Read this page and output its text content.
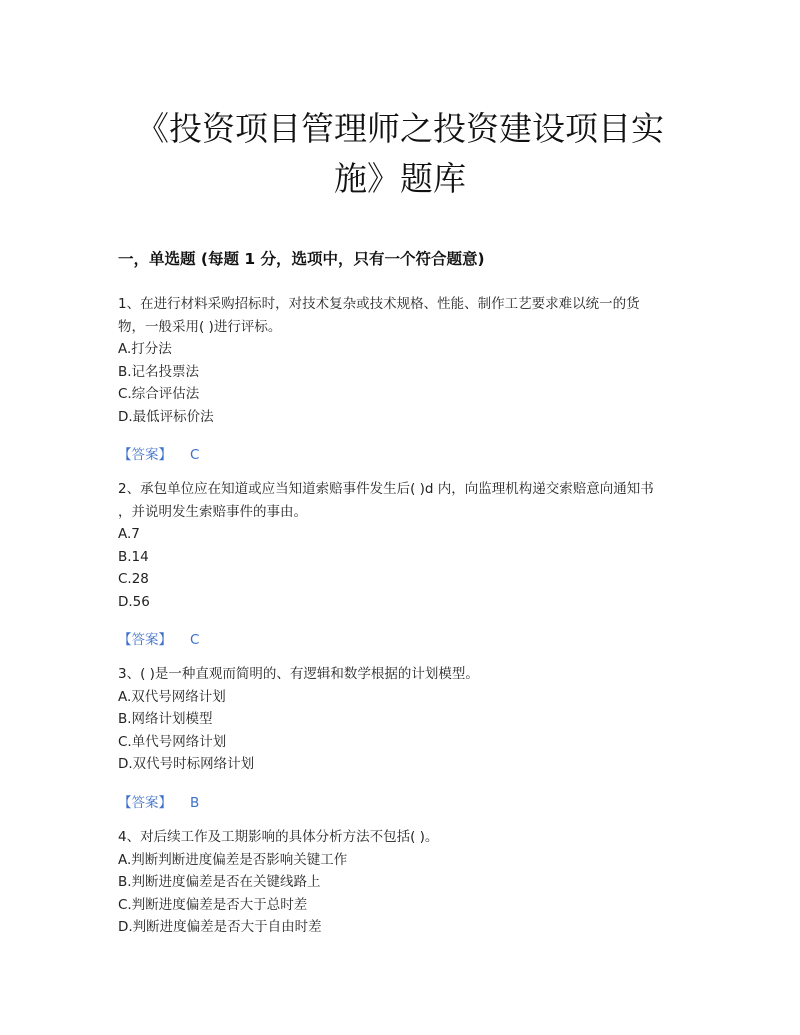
《投资项目管理师之投资建设项目实
施》题库
一，单选题 (每题 1 分，选项中，只有一个符合题意)

1、在进行材料采购招标时，对技术复杂或技术规格、性能、制作工艺要求难以统一的货

物，一般采用( )进行评标。

A.打分法

B.记名投票法

C.综合评估法

D.最低评标价法

【答案】 C

2、承包单位应在知道或应当知道索赔事件发生后( )d 内，向监理机构递交索赔意向通知书

，并说明发生索赔事件的事由。

A.7

B.14

C.28

D.56

【答案】 C

3、( )是一种直观而简明的、有逻辑和数学根据的计划模型。

A.双代号网络计划

B.网络计划模型

C.单代号网络计划

D.双代号时标网络计划

【答案】 B

4、对后续工作及工期影响的具体分析方法不包括( )。

A.判断判断进度偏差是否影响关键工作

B.判断进度偏差是否在关键线路上

C.判断进度偏差是否大于总时差

D.判断进度偏差是否大于自由时差
